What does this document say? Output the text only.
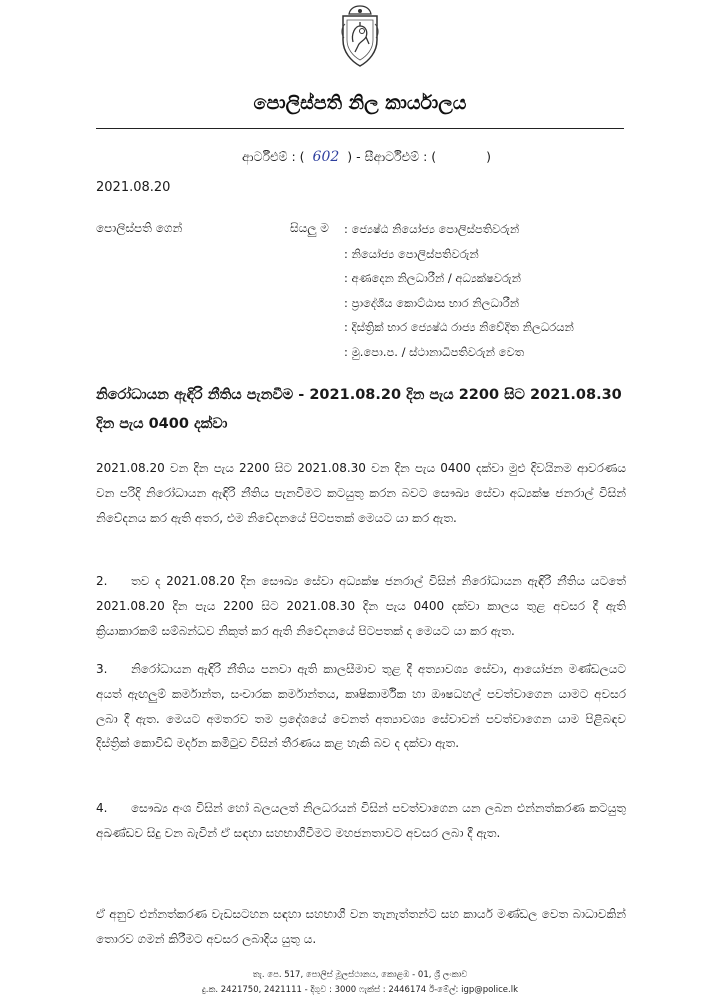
පොලිස්පති නිල කාර්යාලය
ආර්ටීඑම් : ( 602 ) - සීආර්ටීඑම් : (	)
2021.08.20
පොලිස්පති ගෙන්	සියලු ම : ජ්‍යෙෂ්ඨ නියෝජ්‍ය පොලිස්පතිවරුන්
: නියෝජ්‍ය පොලිස්පතිවරුන්
: අණදෙන නිලධාරීන් / අධ්‍යක්ෂවරුන්
: ප්‍රාදේශීය කොට්ඨාස භාර නිලධාරීන්
: දිස්ත්‍රික් භාර ජ්‍යෙෂ්ඨ රාජ්‍ය නිවේදිත නිලධරයන්
: මු.පො.ප. / ස්ථානාධිපතිවරුන් වෙත
නිරෝධායන ඇඳිරි නීතිය පැනවීම - 2021.08.20 දින පැය 2200 සිට 2021.08.30 දින පැය 0400 දක්වා

2021.08.20 වන දින පැය 2200 සිට 2021.08.30 වන දින පැය 0400 දක්වා මුළු දිවයිනම ආවරණය වන පරිදි නිරෝධායන ඇඳිරි නීතිය පැනවීමට කටයුතු කරන බවට සෞඛ්‍ය සේවා අධ්‍යක්ෂ ජනරාල් විසින් නිවේදනය කර ඇති අතර, එම නිවේදනයේ පිටපතක් මෙයට යා කර ඇත.

2. තව ද 2021.08.20 දින සෞඛ්‍ය සේවා අධ්‍යක්ෂ ජනරාල් විසින් නිරෝධායන ඇඳිරි නීතිය යටතේ 2021.08.20 දින පැය 2200 සිට 2021.08.30 දින පැය 0400 දක්වා කාලය තුළ අවසර දී ඇති ක්‍රියාකාරකම් සම්බන්ධව නිකුත් කර ඇති නිවේදනයේ පිටපතක් ද මෙයට යා කර ඇත.

3. නිරෝධායන ඇඳිරි නීතිය පනවා ඇති කාලසීමාව තුළ දී අත්‍යාවශ්‍ය සේවා, ආයෝජන මණ්ඩලයට අයත් ඇඟලුම් කර්මාන්ත, සංචාරක කර්මාන්තය, කෘෂිකාර්මික හා ඖෂධහල් පවත්වාගෙන යාමට අවසර ලබා දී ඇත. මෙයට අමතරව තම ප්‍රදේශයේ වෙනත් අත්‍යාවශ්‍ය සේවාවන් පවත්වාගෙන යාම පිළිබඳව දිස්ත්‍රික් කොවිඩ් මර්දන කමිටුව විසින් තීරණය කළ හැකි බව ද දක්වා ඇත.

4. සෞඛ්‍ය අංශ විසින් හෝ බලයලත් නිලධරයන් විසින් පවත්වාගෙන යන ලබන එන්නත්කරණ කටයුතු අඛණ්ඩව සිදු වන බැවින් ඒ සඳහා සහභාගීවීමට මහජනතාවට අවසර ලබා දී ඇත.

ඒ අනුව එන්නත්කරණ වැඩසටහන සඳහා සහභාගී වන තැනැත්තන්ට සහ කාර්ය මණ්ඩල වෙත බාධාවකින් තොරව ගමන් කිරීමට අවසර ලබාදිය යුතු ය.

තැ. පෙ. 517, පොලිස් මූලස්ථානය, කොළඹ - 01, ශ්‍රී ලංකාව
දු.ක. 2421750, 2421111 - දිගුව : 3000 ෆැක්ස් : 2446174 ඊ-මේල්: igp@police.lk
